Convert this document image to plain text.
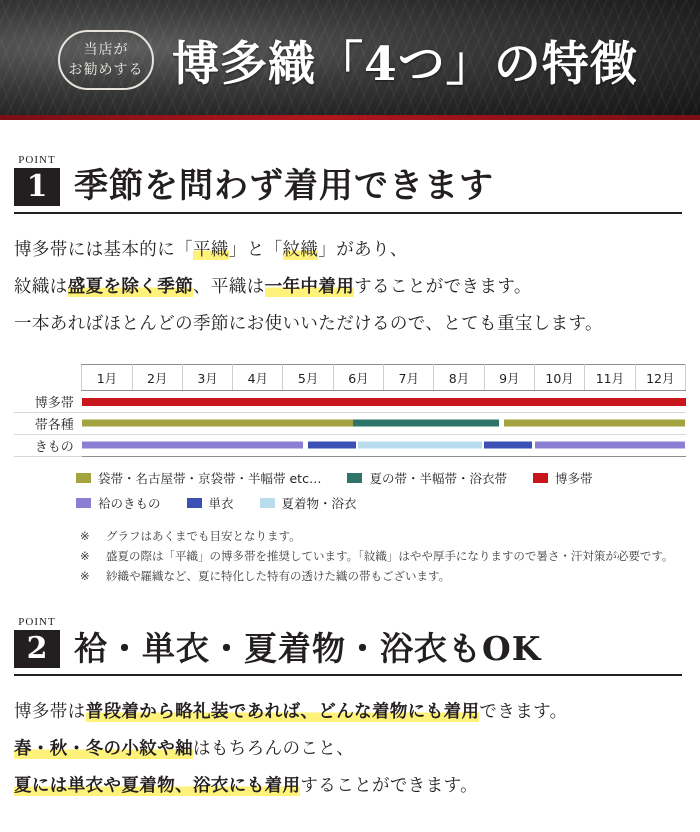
当店が
お勧めする 博多織「4つ」の特徴
POINT
1 季節を問わず着用できます
博多帯には基本的に「平織」と「紋織」があり、
紋織は盛夏を除く季節、平織は一年中着用することができます。
一本あればほとんどの季節にお使いいただけるので、とても重宝します。
	1月	2月	3月	4月	5月	6月	7月	8月	9月	10月	11月	12月
博多帯												

帯各種												

きもの												
袋帯・名古屋帯・京袋帯・半幅帯 etc…	夏の帯・半幅帯・浴衣帯	博多帯
袷のきもの	単衣	夏着物・浴衣
※	グラフはあくまでも目安となります。
※	盛夏の際は「平織」の博多帯を推奨しています。「紋織」はやや厚手になりますので暑さ・汗対策が必要です。
※	紗織や羅織など、夏に特化した特有の透けた織の帯もございます。
POINT
2 袷・単衣・夏着物・浴衣もOK
博多帯は普段着から略礼装であれば、どんな着物にも着用できます。
春・秋・冬の小紋や紬はもちろんのこと、
夏には単衣や夏着物、浴衣にも着用することができます。
